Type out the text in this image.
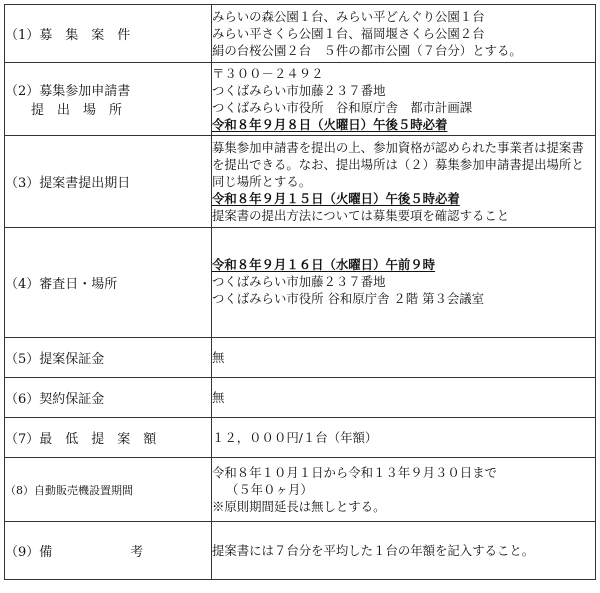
（1）募　集　案　件	みらいの森公園１台、みらい平どんぐり公園１台
みらい平さくら公園１台、福岡堰さくら公園２台
絹の台桜公園２台　５件の都市公園（７台分）とする。

（2）募集参加申請書
　　提　出　場　所	〒３００－２４９２
つくばみらい市加藤２３７番地
つくばみらい市役所　谷和原庁舎　都市計画課
令和８年９月８日（火曜日）午後５時必着

（3）提案書提出期日	募集参加申請書を提出の上、参加資格が認められた事業者は提案書を提出できる。なお、提出場所は（２）募集参加申請書提出場所と同じ場所とする。
令和８年９月１５日（火曜日）午後５時必着
提案書の提出方法については募集要項を確認すること

（4）審査日・場所	令和８年９月１６日（水曜日）午前９時
つくばみらい市加藤２３７番地
つくばみらい市役所 谷和原庁舎 ２階 第３会議室

（5）提案保証金	無

（6）契約保証金	無

（7）最　低　提　案　額	１２，０００円/１台（年額）

（8）自動販売機設置期間	令和８年１０月１日から令和１３年９月３０日まで
（５年０ヶ月）
※原則期間延長は無しとする。

（9）備　　　　　　考	提案書には７台分を平均した１台の年額を記入すること。
